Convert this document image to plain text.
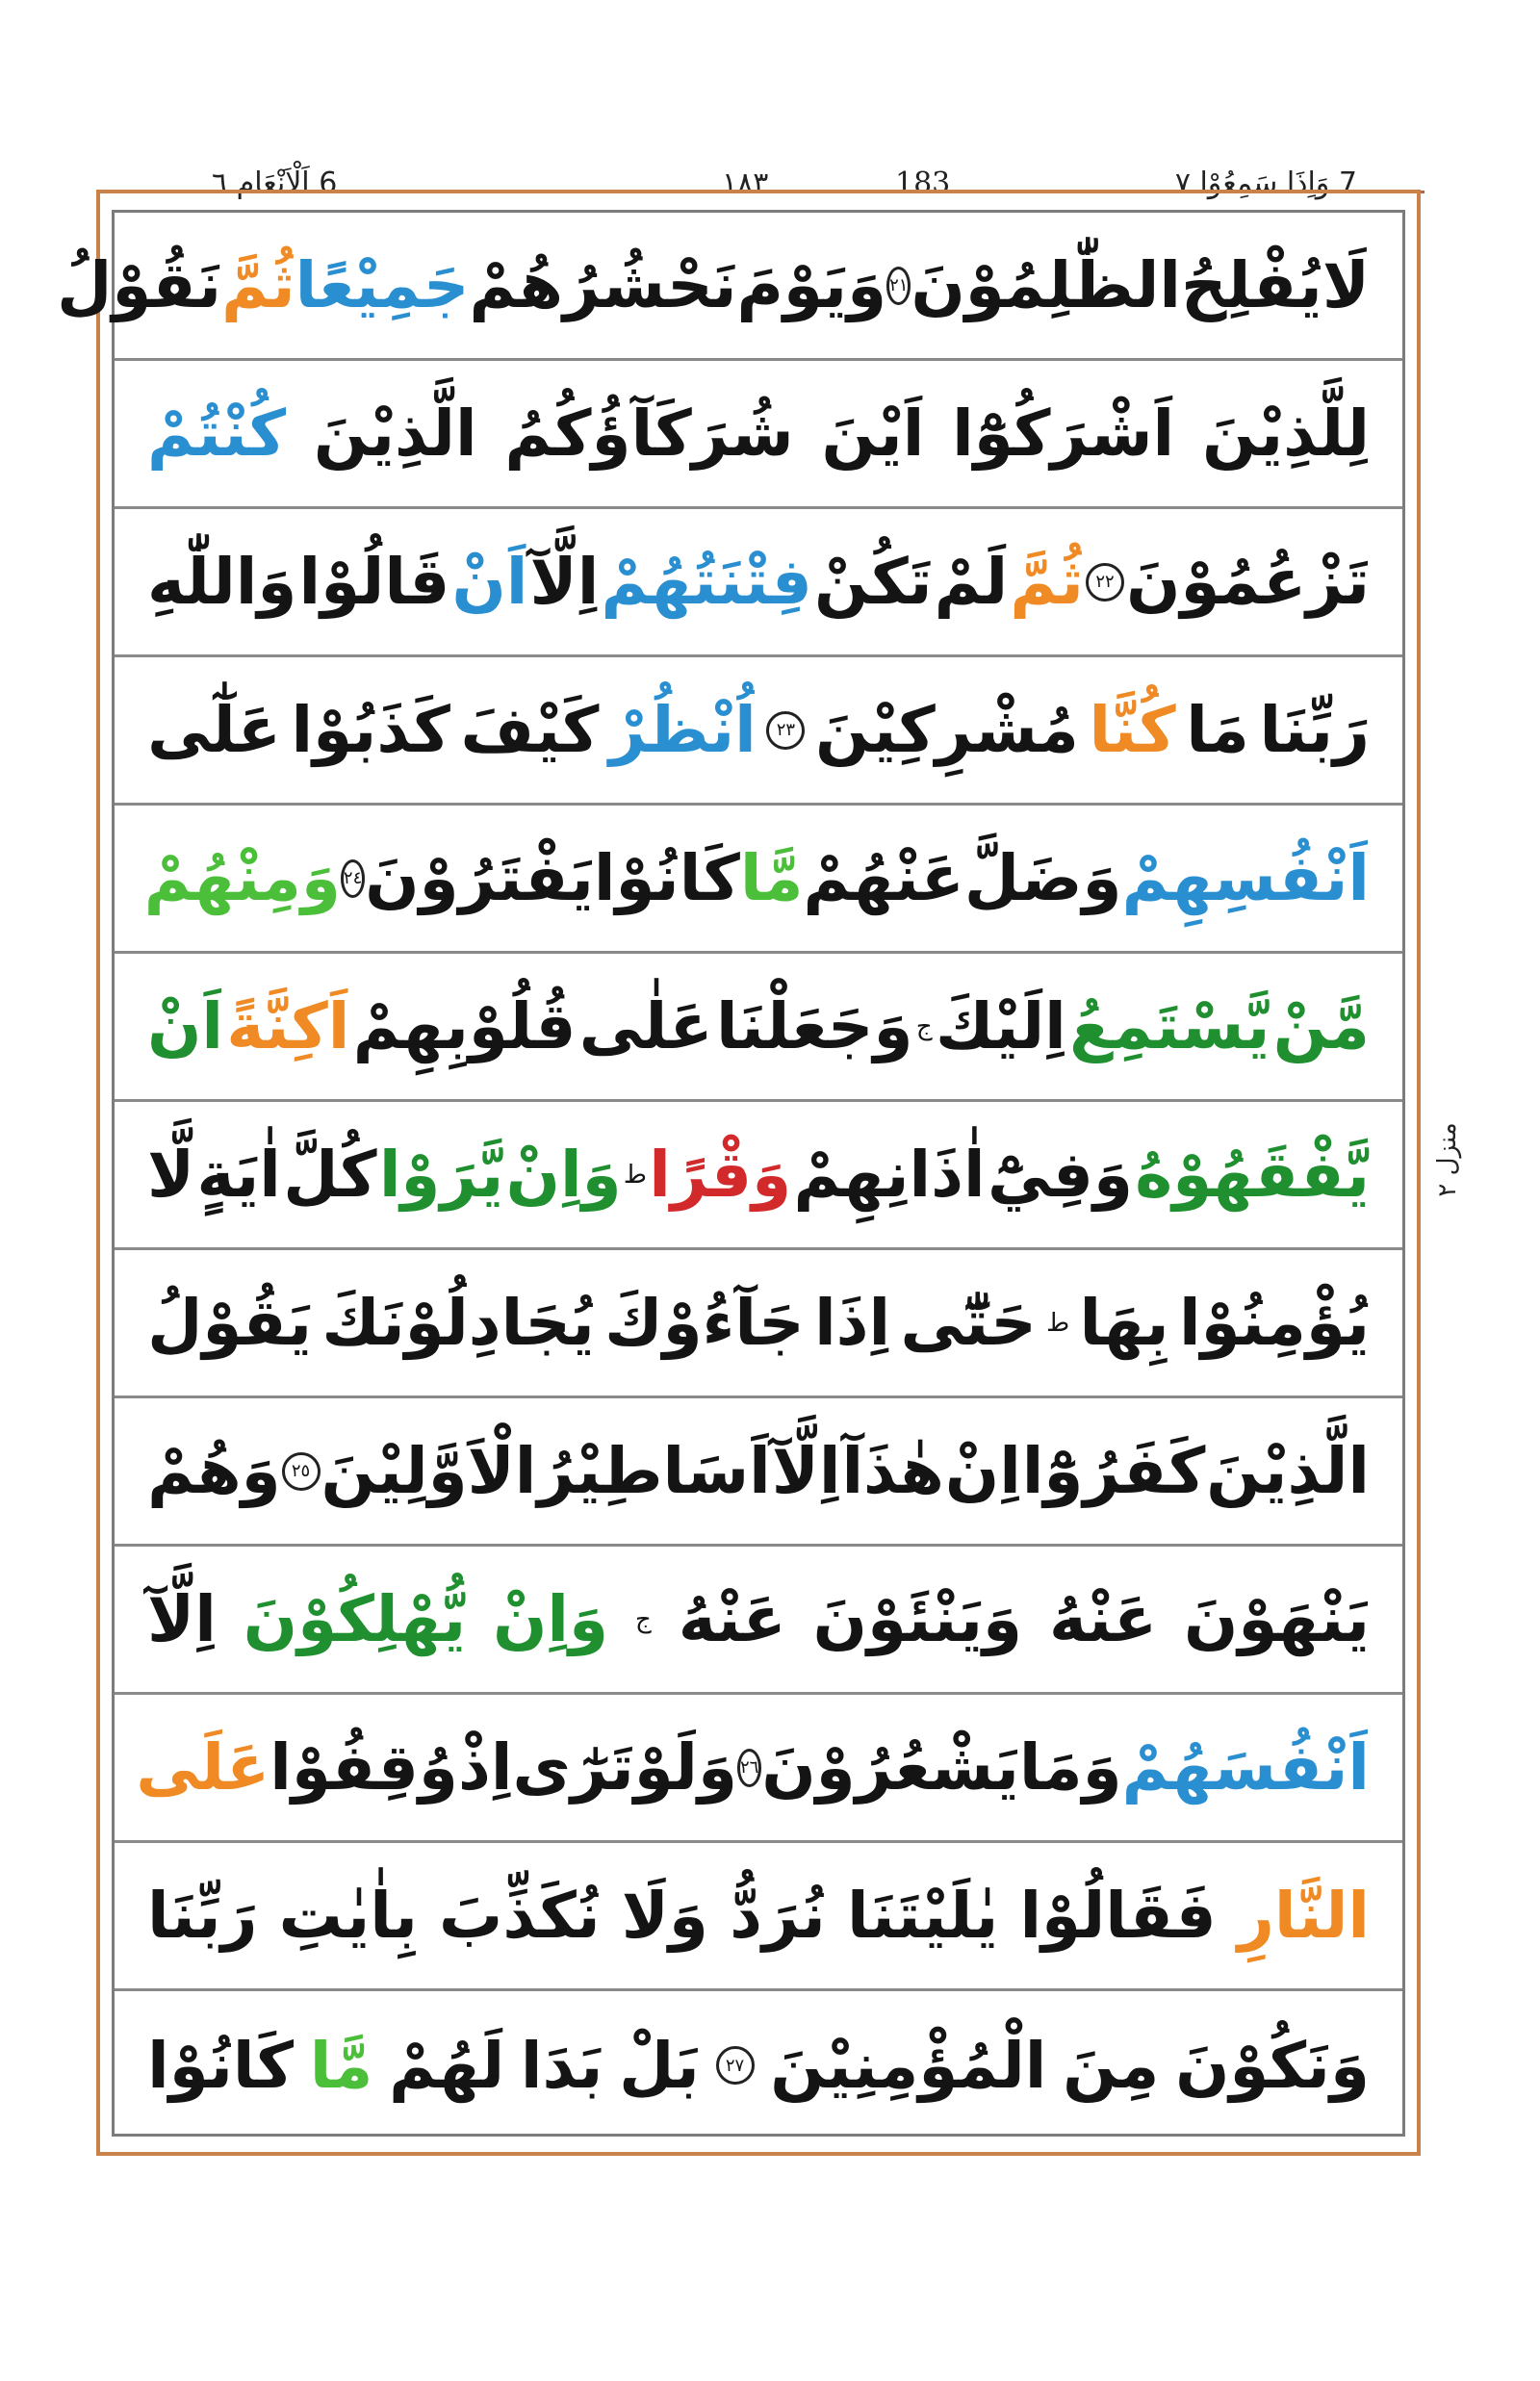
6 اَلْاَنْعَام ٦	١٨٣	183	7 وَاِذَا سَمِعُوْا ٧
لَا
يُفْلِحُ
الظّٰلِمُوْنَ
٢١
وَيَوْمَ
نَحْشُرُهُمْ
جَمِيْعًا
ثُمَّ
نَقُوْلُ
لِلَّذِيْنَ
اَشْرَكُوْٓا
اَيْنَ
شُرَكَآؤُكُمُ
الَّذِيْنَ
كُنْتُمْ
تَزْعُمُوْنَ
٢٢
ثُمَّ
لَمْ
تَكُنْ
فِتْنَتُهُمْ
اِلَّآ
اَنْ
قَالُوْا
وَاللّٰهِ
رَبِّنَا
مَا
كُنَّا
مُشْرِكِيْنَ
٢٣
اُنْظُرْ
كَيْفَ
كَذَبُوْا
عَلٰٓى
اَنْفُسِهِمْ
وَضَلَّ
عَنْهُمْ
مَّا
كَانُوْا
يَفْتَرُوْنَ
٢٤
وَمِنْهُمْ
مَّنْ
يَّسْتَمِعُ
اِلَيْكَ
ج
وَجَعَلْنَا
عَلٰى
قُلُوْبِهِمْ
اَكِنَّةً
اَنْ
يَّفْقَهُوْهُ
وَفِيْٓ
اٰذَانِهِمْ
وَقْرًا
ط
وَاِنْ
يَّرَوْا
كُلَّ
اٰيَةٍ
لَّا
يُؤْمِنُوْا
بِهَا
ط
حَتّٰٓى
اِذَا
جَآءُوْكَ
يُجَادِلُوْنَكَ
يَقُوْلُ
الَّذِيْنَ
كَفَرُوْٓا
اِنْ
هٰذَآ
اِلَّآ
اَسَاطِيْرُ
الْاَوَّلِيْنَ
٢٥
وَهُمْ
يَنْهَوْنَ
عَنْهُ
وَيَنْئَوْنَ
عَنْهُ
ج
وَاِنْ
يُّهْلِكُوْنَ
اِلَّآ
اَنْفُسَهُمْ
وَمَا
يَشْعُرُوْنَ
٢٦
وَلَوْ
تَرٰٓى
اِذْ
وُقِفُوْا
عَلَى
النَّارِ
فَقَالُوْا
يٰلَيْتَنَا
نُرَدُّ
وَلَا
نُكَذِّبَ
بِاٰيٰتِ
رَبِّنَا
وَنَكُوْنَ
مِنَ
الْمُؤْمِنِيْنَ
٢٧
بَلْ
بَدَا
لَهُمْ
مَّا
كَانُوْا
منزل ٢
